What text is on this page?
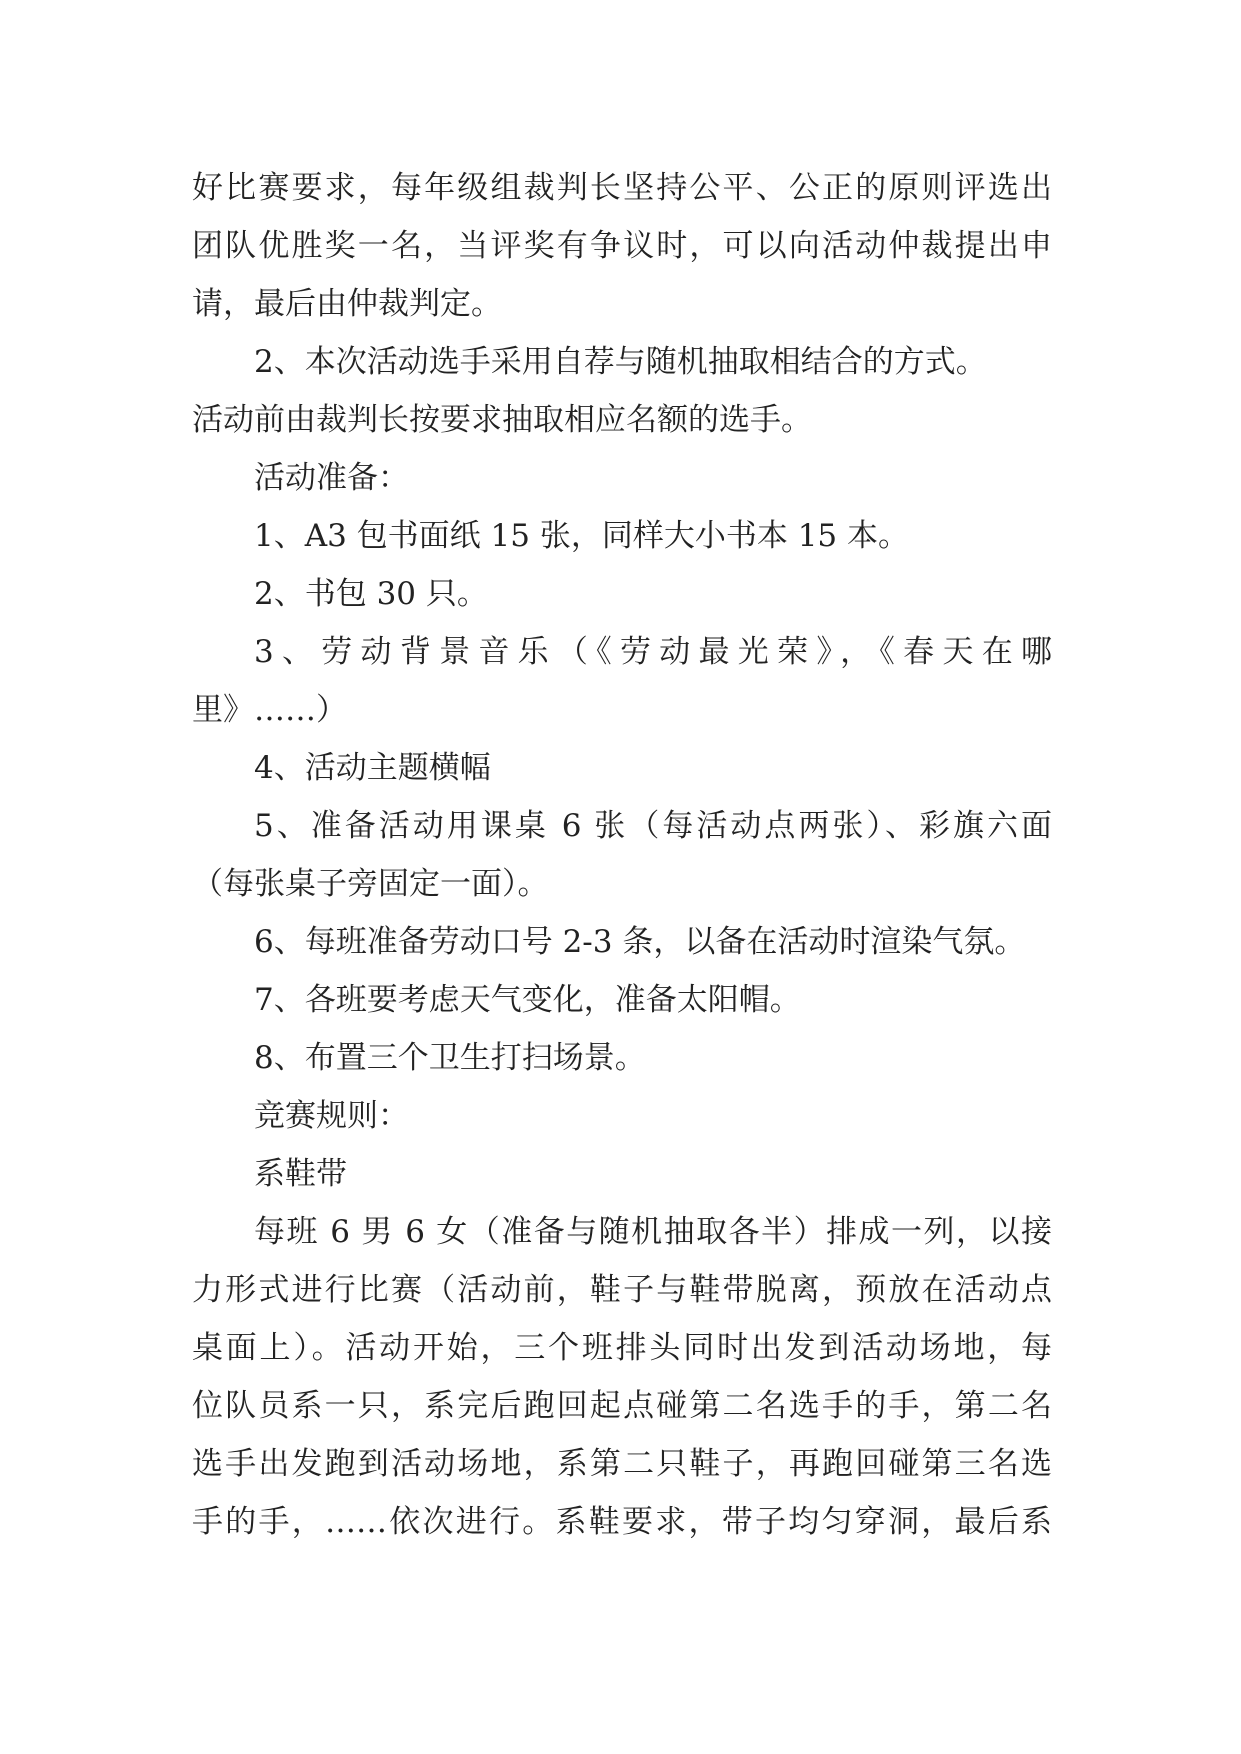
好比赛要求，每年级组裁判长坚持公平、公正的原则评选出
团队优胜奖一名，当评奖有争议时，可以向活动仲裁提出申
请，最后由仲裁判定。
2、本次活动选手采用自荐与随机抽取相结合的方式。
活动前由裁判长按要求抽取相应名额的选手。
活动准备：
1、A3 包书面纸 15 张，同样大小书本 15 本。
2、书包 30 只。
3、劳动背景音乐（《劳动最光荣》，《春天在哪
里》……）
4、活动主题横幅
5、准备活动用课桌 6 张（每活动点两张）、彩旗六面
（每张桌子旁固定一面）。
6、每班准备劳动口号 2-3 条，以备在活动时渲染气氛。
7、各班要考虑天气变化，准备太阳帽。
8、布置三个卫生打扫场景。
竞赛规则：
系鞋带
每班 6 男 6 女（准备与随机抽取各半）排成一列，以接
力形式进行比赛（活动前，鞋子与鞋带脱离，预放在活动点
桌面上）。活动开始，三个班排头同时出发到活动场地，每
位队员系一只，系完后跑回起点碰第二名选手的手，第二名
选手出发跑到活动场地，系第二只鞋子，再跑回碰第三名选
手的手，……依次进行。系鞋要求，带子均匀穿洞，最后系
